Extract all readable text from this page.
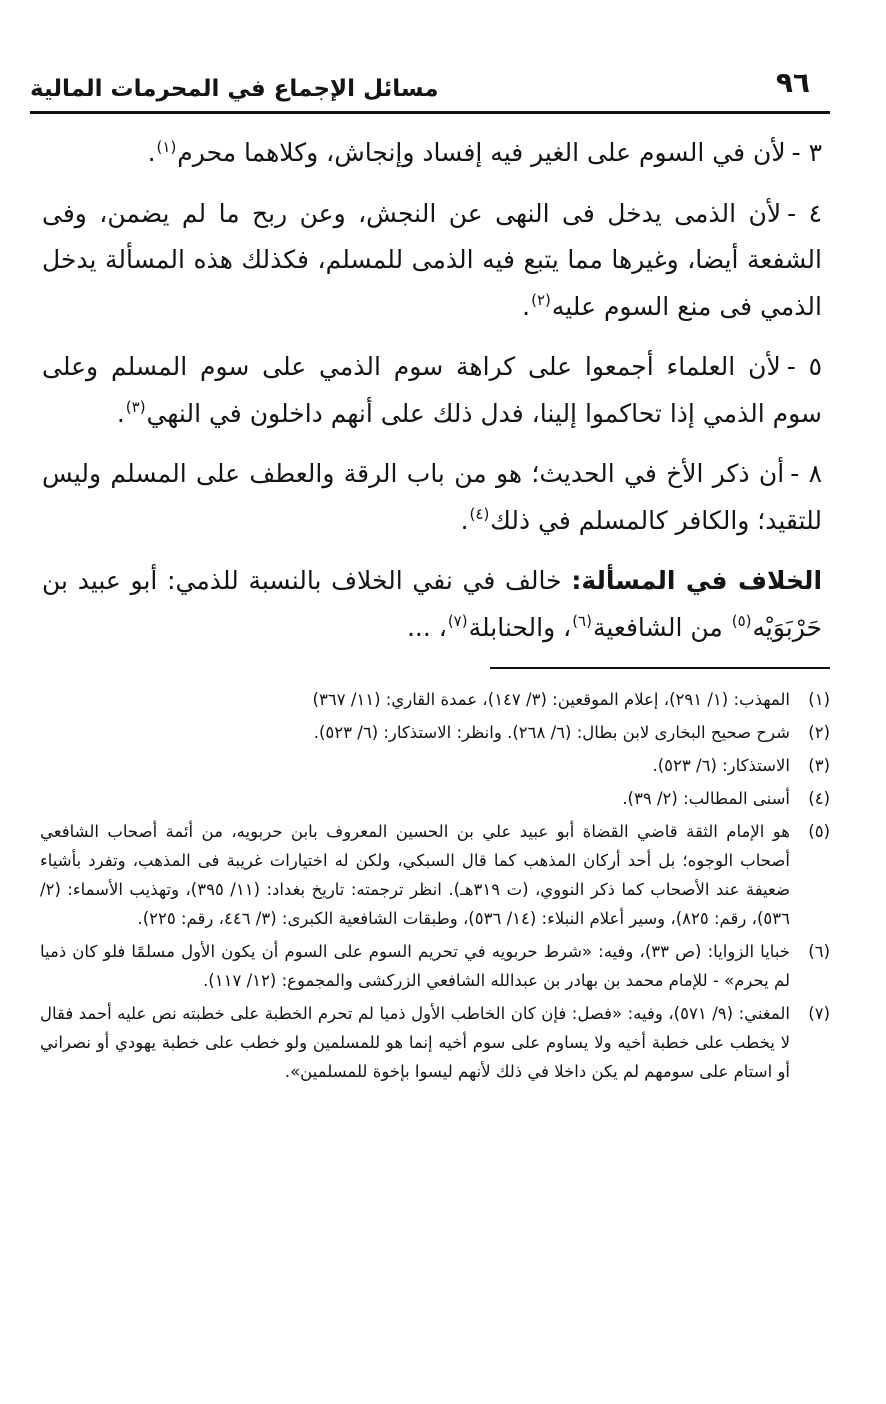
٩٦
مسائل الإجماع في المحرمات المالية

٣ -لأن في السوم على الغير فيه إفساد وإنجاش، وكلاهما محرم$^{(١)}$.

٤ -لأن الذمى يدخل فى النهى عن النجش، وعن ربح ما لم يضمن، وفى الشفعة أيضا، وغيرها مما يتبع فيه الذمى للمسلم، فكذلك هذه المسألة يدخل الذمي فى منع السوم عليه$^{(٢)}$.

٥ -لأن العلماء أجمعوا على كراهة سوم الذمي على سوم المسلم وعلى سوم الذمي إذا تحاكموا إلينا، فدل ذلك على أنهم داخلون في النهي$^{(٣)}$.

٨ -أن ذكر الأخ في الحديث؛ هو من باب الرقة والعطف على المسلم وليس للتقيد؛ والكافر كالمسلم في ذلك$^{(٤)}$.

الخلاف في المسألة: خالف في نفي الخلاف بالنسبة للذمي: أبو عبيد بن حَرْبَوَيْه$^{(٥)}$ من الشافعية$^{(٦)}$، والحنابلة$^{(٧)}$، ...

(١)
المهذب: (١/ ٢٩١)، إعلام الموقعين: (٣/ ١٤٧)، عمدة القاري: (١١/ ٣٦٧)
(٢)
شرح صحيح البخارى لابن بطال: (٦/ ٢٦٨). وانظر: الاستذكار: (٦/ ٥٢٣).
(٣)
الاستذكار: (٦/ ٥٢٣).
(٤)
أسنى المطالب: (٢/ ٣٩).
(٥)
هو الإمام الثقة قاضي القضاة أبو عبيد علي بن الحسين المعروف بابن حربويه، من أئمة أصحاب الشافعي أصحاب الوجوه؛ بل أحد أركان المذهب كما قال السبكي، ولكن له اختيارات غريبة فى المذهب، وتفرد بأشياء ضعيفة عند الأصحاب كما ذكر النووي، (ت ٣١٩هـ). انظر ترجمته: تاريخ بغداد: (١١/ ٣٩٥)، وتهذيب الأسماء: (٢/ ٥٣٦)، رقم: ٨٢٥)، وسير أعلام النبلاء: (١٤/ ٥٣٦)، وطبقات الشافعية الكبرى: (٣/ ٤٤٦، رقم: ٢٢٥).
(٦)
خبايا الزوايا: (ص ٣٣)، وفيه: «شرط حربويه في تحريم السوم على السوم أن يكون الأول مسلمًا فلو كان ذميا لم يحرم» - للإمام محمد بن بهادر بن عبدالله الشافعي الزركشى والمجموع: (١٢/ ١١٧).
(٧)
المغني: (٩/ ٥٧١)، وفيه: «فصل: فإن كان الخاطب الأول ذميا لم تحرم الخطبة على خطبته نص عليه أحمد فقال لا يخطب على خطبة أخيه ولا يساوم على سوم أخيه إنما هو للمسلمين ولو خطب على خطبة يهودي أو نصراني أو استام على سومهم لم يكن داخلا في ذلك لأنهم ليسوا بإخوة للمسلمين».
